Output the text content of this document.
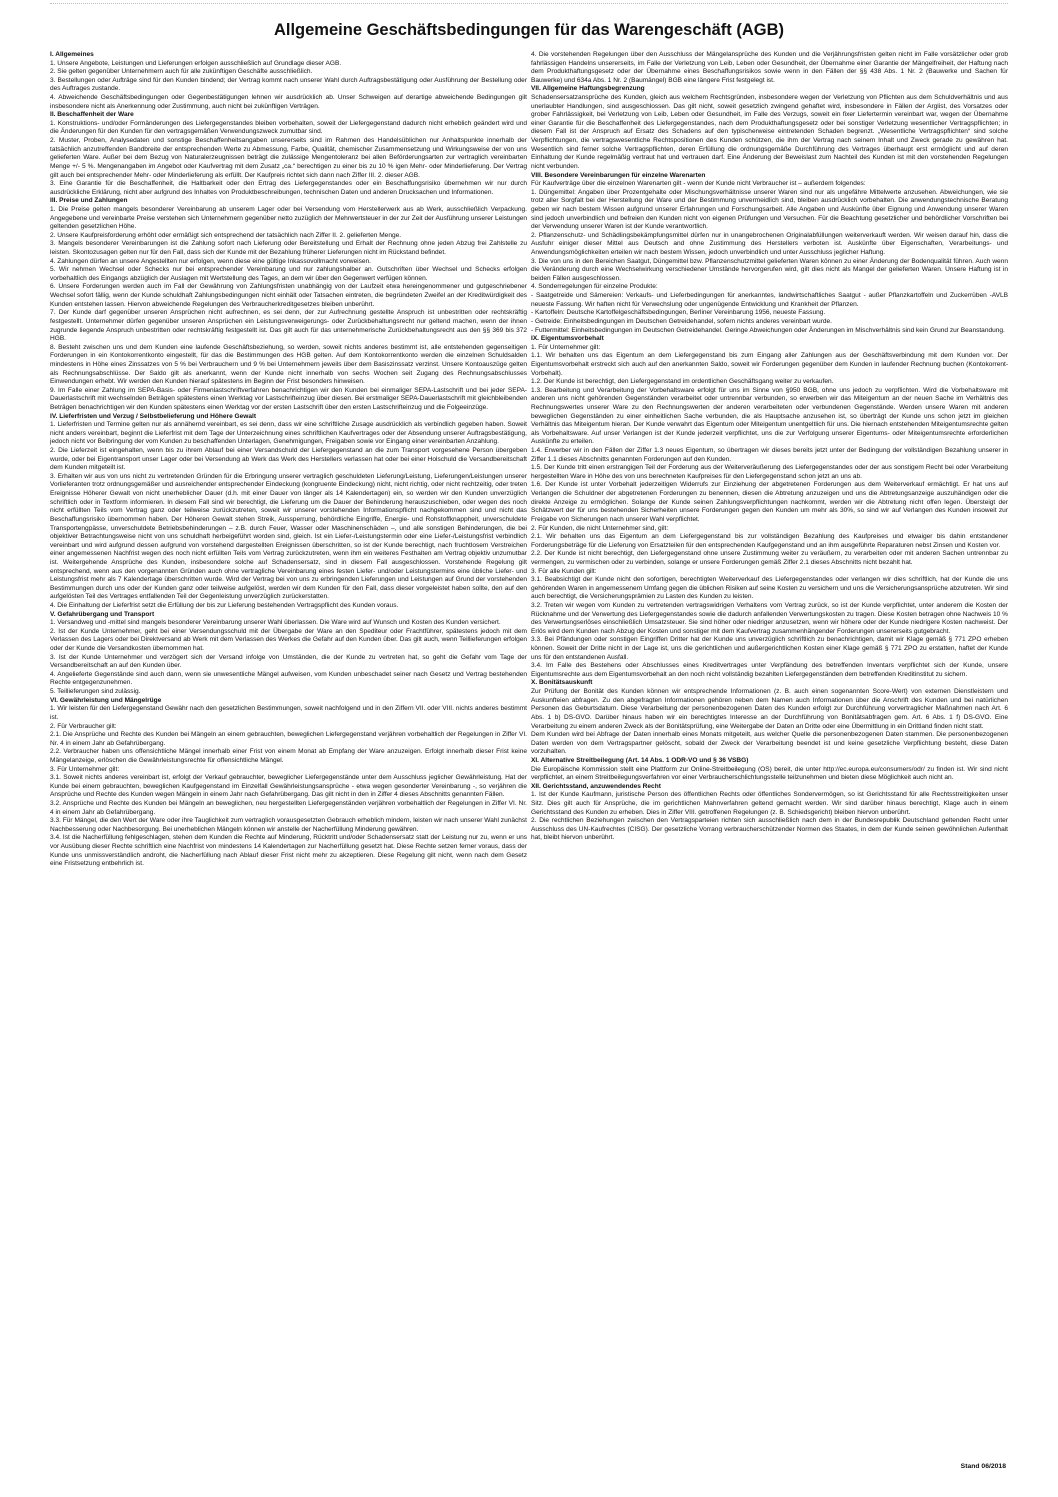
Allgemeine Geschäftsbedingungen für das Warengeschäft (AGB)
I. Allgemeines

1. Unsere Angebote, Leistungen und Lieferungen erfolgen ausschließlich auf Grundlage dieser AGB.

2. Sie gelten gegenüber Unternehmern auch für alle zukünftigen Geschäfte ausschließlich.

3. Bestellungen oder Aufträge sind für den Kunden bindend; der Vertrag kommt nach unserer Wahl durch Auftragsbestätigung oder Ausführung der Bestellung oder des Auftrages zustande.

4. Abweichende Geschäftsbedingungen oder Gegenbestätigungen lehnen wir ausdrücklich ab. Unser Schweigen auf derartige abweichende Bedingungen gilt insbesondere nicht als Anerkennung oder Zustimmung, auch nicht bei zukünftigen Verträgen.

II. Beschaffenheit der Ware

1. Konstruktions- und/oder Formänderungen des Liefergegenstandes bleiben vorbehalten, soweit der Liefergegenstand dadurch nicht erheblich geändert wird und die Änderungen für den Kunden für den vertragsgemäßen Verwendungszweck zumutbar sind.

2. Muster, Proben, Analysedaten und sonstige Beschaffenheitsangaben unsererseits sind im Rahmen des Handelsüblichen nur Anhaltspunkte innerhalb der tatsächlich anzutreffenden Bandbreite der entsprechenden Werte zu Abmessung, Farbe, Qualität, chemischer Zusammensetzung und Wirkungsweise der von uns gelieferten Ware. Außer bei dem Bezug von Naturalerzeugnissen beträgt die zulässige Mengentoleranz bei allen Beförderungsarten zur vertraglich vereinbarten Menge +/- 5 %. Mengenangaben im Angebot oder Kaufvertrag mit dem Zusatz „ca.“ berechtigen zu einer bis zu 10 % igen Mehr- oder Minderlieferung. Der Vertrag gilt auch bei entsprechender Mehr- oder Minderlieferung als erfüllt. Der Kaufpreis richtet sich dann nach Ziffer III. 2. dieser AGB.

3. Eine Garantie für die Beschaffenheit, die Haltbarkeit oder den Ertrag des Liefergegenstandes oder ein Beschaffungsrisiko übernehmen wir nur durch ausdrückliche Erklärung, nicht aber aufgrund des Inhaltes von Produktbeschreibungen, technischen Daten und anderen Drucksachen und Informationen.

III. Preise und Zahlungen

1. Die Preise gelten mangels besonderer Vereinbarung ab unserem Lager oder bei Versendung vom Herstellerwerk aus ab Werk, ausschließlich Verpackung. Angegebene und vereinbarte Preise verstehen sich Unternehmern gegenüber netto zuzüglich der Mehrwertsteuer in der zur Zeit der Ausführung unserer Leistungen geltenden gesetzlichen Höhe.

2. Unsere Kaufpreisforderung erhöht oder ermäßigt sich entsprechend der tatsächlich nach Ziffer II. 2. gelieferten Menge.

3. Mangels besonderer Vereinbarungen ist die Zahlung sofort nach Lieferung oder Bereitstellung und Erhalt der Rechnung ohne jeden Abzug frei Zahlstelle zu leisten. Skontozusagen gelten nur für den Fall, dass sich der Kunde mit der Bezahlung früherer Lieferungen nicht im Rückstand befindet.

4. Zahlungen dürfen an unsere Angestellten nur erfolgen, wenn diese eine gültige Inkassovollmacht vorweisen.

5. Wir nehmen Wechsel oder Schecks nur bei entsprechender Vereinbarung und nur zahlungshalber an. Gutschriften über Wechsel und Schecks erfolgen vorbehaltlich des Eingangs abzüglich der Auslagen mit Wertstellung des Tages, an dem wir über den Gegenwert verfügen können.

6. Unsere Forderungen werden auch im Fall der Gewährung von Zahlungsfristen unabhängig von der Laufzeit etwa hereingenommener und gutgeschriebener Wechsel sofort fällig, wenn der Kunde schuldhaft Zahlungsbedingungen nicht einhält oder Tatsachen eintreten, die begründeten Zweifel an der Kreditwürdigkeit des Kunden entstehen lassen. Hiervon abweichende Regelungen des Verbraucherkreditgesetzes bleiben unberührt.

7. Der Kunde darf gegenüber unseren Ansprüchen nicht aufrechnen, es sei denn, der zur Aufrechnung gestellte Anspruch ist unbestritten oder rechtskräftig festgestellt. Unternehmer dürfen gegenüber unseren Ansprüchen ein Leistungsverweigerungs- oder Zurückbehaltungsrecht nur geltend machen, wenn der ihnen zugrunde liegende Anspruch unbestritten oder rechtskräftig festgestellt ist. Das gilt auch für das unternehmerische Zurückbehaltungsrecht aus den §§ 369 bis 372 HGB.

8. Besteht zwischen uns und dem Kunden eine laufende Geschäftsbeziehung, so werden, soweit nichts anderes bestimmt ist, alle entstehenden gegenseitigen Forderungen in ein Kontokorrentkonto eingestellt, für das die Bestimmungen des HGB gelten. Auf dem Kontokorrentkonto werden die einzelnen Schuldsalden mindestens in Höhe eines Zinssatzes von 5 % bei Verbrauchern und 9 % bei Unternehmern jeweils über dem Basiszinssatz verzinst. Unsere Kontoauszüge gelten als Rechnungsabschlüsse. Der Saldo gilt als anerkannt, wenn der Kunde nicht innerhalb von sechs Wochen seit Zugang des Rechnungsabschlusses Einwendungen erhebt. Wir werden den Kunden hierauf spätestens im Beginn der Frist besonders hinweisen.

9. Im Falle einer Zahlung im SEPA-Basis- oder Firmenlastschriftverfahren benachrichtigen wir den Kunden bei einmaliger SEPA-Lastschrift und bei jeder SEPA-Dauerlastschrift mit wechselnden Beträgen spätestens einen Werktag vor Lastschrifteinzug über diesen. Bei erstmaliger SEPA-Dauerlastschrift mit gleichbleibenden Beträgen benachrichtigen wir den Kunden spätestens einen Werktag vor der ersten Lastschrift über den ersten Lastschrifteinzug und die Folgeeinzüge.

IV. Lieferfristen und Verzug / Selbstbelieferung und Höhere Gewalt

1. Lieferfristen und Termine gelten nur als annähernd vereinbart, es sei denn, dass wir eine schriftliche Zusage ausdrücklich als verbindlich gegeben haben. Soweit nicht anders vereinbart, beginnt die Lieferfrist mit dem Tage der Unterzeichnung eines schriftlichen Kaufvertrages oder der Absendung unserer Auftragsbestätigung, jedoch nicht vor Beibringung der vom Kunden zu beschaffenden Unterlagen, Genehmigungen, Freigaben sowie vor Eingang einer vereinbarten Anzahlung.

2. Die Lieferzeit ist eingehalten, wenn bis zu ihrem Ablauf bei einer Versandschuld der Liefergegenstand an die zum Transport vorgesehene Person übergeben wurde, oder bei Eigentransport unser Lager oder bei Versendung ab Werk das Werk des Herstellers verlassen hat oder bei einer Holschuld die Versandbereitschaft dem Kunden mitgeteilt ist.

3. Erhalten wir aus von uns nicht zu vertretenden Gründen für die Erbringung unserer vertraglich geschuldeten Lieferung/Leistung, Lieferungen/Leistungen unserer Vorlieferanten trotz ordnungsgemäßer und ausreichender entsprechender Eindeckung (kongruente Eindeckung) nicht, nicht richtig, oder nicht rechtzeitig, oder treten Ereignisse Höherer Gewalt von nicht unerheblicher Dauer (d.h. mit einer Dauer von länger als 14 Kalendertagen) ein, so werden wir den Kunden unverzüglich schriftlich oder in Textform informieren. In diesem Fall sind wir berechtigt, die Lieferung um die Dauer der Behinderung herauszuschieben, oder wegen des noch nicht erfüllten Teils vom Vertrag ganz oder teilweise zurückzutreten, soweit wir unserer vorstehenden Informationspflicht nachgekommen sind und nicht das Beschaffungsrisiko übernommen haben. Der Höheren Gewalt stehen Streik, Aussperrung, behördliche Eingriffe, Energie- und Rohstoffknappheit, unverschuldete Transportengpässe, unverschuldete Betriebsbehinderungen – z.B. durch Feuer, Wasser oder Maschinenschäden –, und alle sonstigen Behinderungen, die bei objektiver Betrachtungsweise nicht von uns schuldhaft herbeigeführt worden sind, gleich. Ist ein Liefer-/Leistungstermin oder eine Liefer-/Leistungsfrist verbindlich vereinbart und wird aufgrund dessen aufgrund von vorstehend dargestellten Ereignissen überschritten, so ist der Kunde berechtigt, nach fruchtlosem Verstreichen einer angemessenen Nachfrist wegen des noch nicht erfüllten Teils vom Vertrag zurückzutreten, wenn ihm ein weiteres Festhalten am Vertrag objektiv unzumutbar ist. Weitergehende Ansprüche des Kunden, insbesondere solche auf Schadensersatz, sind in diesem Fall ausgeschlossen. Vorstehende Regelung gilt entsprechend, wenn aus den vorgenannten Gründen auch ohne vertragliche Vereinbarung eines festen Liefer- und/oder Leistungstermins eine übliche Liefer- und Leistungsfrist mehr als 7 Kalendertage überschritten wurde. Wird der Vertrag bei von uns zu erbringenden Lieferungen und Leistungen auf Grund der vorstehenden Bestimmungen durch uns oder der Kunden ganz oder teilweise aufgelöst, werden wir dem Kunden für den Fall, dass dieser vorgeleistet haben sollte, den auf den aufgelösten Teil des Vertrages entfallenden Teil der Gegenleistung unverzüglich zurückerstatten.

4. Die Einhaltung der Lieferfrist setzt die Erfüllung der bis zur Lieferung bestehenden Vertragspflicht des Kunden voraus.

V. Gefahrübergang und Transport

1. Versandweg und -mittel sind mangels besonderer Vereinbarung unserer Wahl überlassen. Die Ware wird auf Wunsch und Kosten des Kunden versichert.

2. Ist der Kunde Unternehmer, geht bei einer Versendungsschuld mit der Übergabe der Ware an den Spediteur oder Frachtführer, spätestens jedoch mit dem Verlassen des Lagers oder bei Direktversand ab Werk mit dem Verlassen des Werkes die Gefahr auf den Kunden über. Das gilt auch, wenn Teillieferungen erfolgen oder der Kunde die Versandkosten übernommen hat.

3. Ist der Kunde Unternehmer und verzögert sich der Versand infolge von Umständen, die der Kunde zu vertreten hat, so geht die Gefahr vom Tage der Versandbereitschaft an auf den Kunden über.

4. Angelieferte Gegenstände sind auch dann, wenn sie unwesentliche Mängel aufweisen, vom Kunden unbeschadet seiner nach Gesetz und Vertrag bestehenden Rechte entgegenzunehmen.

5. Teillieferungen sind zulässig.

VI. Gewährleistung und Mängelrüge

1. Wir leisten für den Liefergegenstand Gewähr nach den gesetzlichen Bestimmungen, soweit nachfolgend und in den Ziffern VII. oder VIII. nichts anderes bestimmt ist.

2. Für Verbraucher gilt:

2.1. Die Ansprüche und Rechte des Kunden bei Mängeln an einem gebrauchten, beweglichen Liefergegenstand verjähren vorbehaltlich der Regelungen in Ziffer VI. Nr. 4 in einem Jahr ab Gefahrübergang.

2.2. Verbraucher haben uns offensichtliche Mängel innerhalb einer Frist von einem Monat ab Empfang der Ware anzuzeigen. Erfolgt innerhalb dieser Frist keine Mängelanzeige, erlöschen die Gewährleistungsrechte für offensichtliche Mängel.

3. Für Unternehmer gilt:

3.1. Soweit nichts anderes vereinbart ist, erfolgt der Verkauf gebrauchter, beweglicher Liefergegenstände unter dem Ausschluss jeglicher Gewährleistung. Hat der Kunde bei einem gebrauchten, beweglichen Kaufgegenstand im Einzelfall Gewährleistungsansprüche - etwa wegen gesonderter Vereinbarung -, so verjähren die Ansprüche und Rechte des Kunden wegen Mängeln in einem Jahr nach Gefahrübergang. Das gilt nicht in den in Ziffer 4 dieses Abschnitts genannten Fällen.

3.2. Ansprüche und Rechte des Kunden bei Mängeln an beweglichen, neu hergestellten Liefergegenständen verjähren vorbehaltlich der Regelungen in Ziffer VI. Nr. 4 in einem Jahr ab Gefahrübergang.

3.3. Für Mängel, die den Wert der Ware oder ihre Tauglichkeit zum vertraglich vorausgesetzten Gebrauch erheblich mindern, leisten wir nach unserer Wahl zunächst Nachbesserung oder Nachbesorgung. Bei unerheblichen Mängeln können wir anstelle der Nacherfüllung Minderung gewähren.

3.4. Ist die Nacherfüllung fehlgeschlagen, stehen dem Kunden die Rechte auf Minderung, Rücktritt und/oder Schadensersatz statt der Leistung nur zu, wenn er uns vor Ausübung dieser Rechte schriftlich eine Nachfrist von mindestens 14 Kalendertagen zur Nacherfüllung gesetzt hat. Diese Rechte setzen ferner voraus, dass der Kunde uns unmissverständlich androht, die Nacherfüllung nach Ablauf dieser Frist nicht mehr zu akzeptieren. Diese Regelung gilt nicht, wenn nach dem Gesetz eine Fristsetzung entbehrlich ist.

4. Die vorstehenden Regelungen über den Ausschluss der Mängelansprüche des Kunden und die Verjährungsfristen gelten nicht im Falle vorsätzlicher oder grob fahrlässigen Handelns unsererseits, im Falle der Verletzung von Leib, Leben oder Gesundheit, der Übernahme einer Garantie der Mängelfreiheit, der Haftung nach dem Produkthaftungsgesetz oder der Übernahme eines Beschaffungsrisikos sowie wenn in den Fällen der §§ 438 Abs. 1 Nr. 2 (Bauwerke und Sachen für Bauwerke) und 634a Abs. 1 Nr. 2 (Baumängel) BGB eine längere Frist festgelegt ist.

VII. Allgemeine Haftungsbegrenzung

Schadensersatzansprüche des Kunden, gleich aus welchem Rechtsgründen, insbesondere wegen der Verletzung von Pflichten aus dem Schuldverhältnis und aus unerlaubter Handlungen, sind ausgeschlossen. Das gilt nicht, soweit gesetzlich zwingend gehaftet wird, insbesondere in Fällen der Arglist, des Vorsatzes oder grober Fahrlässigkeit, bei Verletzung von Leib, Leben oder Gesundheit, im Falle des Verzugs, soweit ein fixer Liefertermin vereinbart war, wegen der Übernahme einer Garantie für die Beschaffenheit des Liefergegenstandes, nach dem Produkthaftungsgesetz oder bei sonstiger Verletzung wesentlicher Vertragspflichten; in diesem Fall ist der Anspruch auf Ersatz des Schadens auf den typischerweise eintretenden Schaden begrenzt. „Wesentliche Vertragspflichten“ sind solche Verpflichtungen, die vertragswesentliche Rechtspositionen des Kunden schützen, die ihm der Vertrag nach seinem Inhalt und Zweck gerade zu gewähren hat. Wesentlich sind ferner solche Vertragspflichten, deren Erfüllung die ordnungsgemäße Durchführung des Vertrages überhaupt erst ermöglicht und auf deren Einhaltung der Kunde regelmäßig vertraut hat und vertrauen darf. Eine Änderung der Beweislast zum Nachteil des Kunden ist mit den vorstehenden Regelungen nicht verbunden.

VIII. Besondere Vereinbarungen für einzelne Warenarten

Für Kaufverträge über die einzelnen Warenarten gilt - wenn der Kunde nicht Verbraucher ist – außerdem folgendes:

1. Düngemittel: Angaben über Prozentgehalte oder Mischungsverhältnisse unserer Waren sind nur als ungefähre Mittelwerte anzusehen. Abweichungen, wie sie trotz aller Sorgfalt bei der Herstellung der Ware und der Bestimmung unvermeidlich sind, bleiben ausdrücklich vorbehalten. Die anwendungstechnische Beratung geben wir nach bestem Wissen aufgrund unserer Erfahrungen und Forschungsarbeit. Alle Angaben und Auskünfte über Eignung und Anwendung unserer Waren sind jedoch unverbindlich und befreien den Kunden nicht von eigenen Prüfungen und Versuchen. Für die Beachtung gesetzlicher und behördlicher Vorschriften bei der Verwendung unserer Waren ist der Kunde verantwortlich.

2. Pflanzenschutz- und Schädlingsbekämpfungsmittel dürfen nur in unangebrochenen Originalabfüllungen weiterverkauft werden. Wir weisen darauf hin, dass die Ausfuhr einiger dieser Mittel aus Deutsch and ohne Zustimmung des Herstellers verboten ist. Auskünfte über Eigenschaften, Verarbeitungs- und Anwendungsmöglichkeiten erteilen wir nach bestem Wissen, jedoch unverbindlich und unter Ausschluss jeglicher Haftung.

3. Die von uns in den Bereichen Saatgut, Düngemittel bzw. Pflanzenschutzmittel gelieferten Waren können zu einer Änderung der Bodenqualität führen. Auch wenn die Veränderung durch eine Wechselwirkung verschiedener Umstände hervorgerufen wird, gilt dies nicht als Mangel der gelieferten Waren. Unsere Haftung ist in beiden Fällen ausgeschlossen.

4. Sonderregelungen für einzelne Produkte:

- Saatgetreide und Sämereien: Verkaufs- und Lieferbedingungen für anerkanntes, landwirtschaftliches Saatgut - außer Pflanzkartoffeln und Zuckerrüben -AVLB neueste Fassung. Wir haften nicht für Verwechslung oder ungenügende Entwicklung und Krankheit der Pflanzen.

- Kartoffeln: Deutsche Kartoffelgeschäftsbedingungen, Berliner Vereinbarung 1956, neueste Fassung.

- Getreide: Einheitsbedingungen im Deutschen Getreidehandel, sofern nichts anderes vereinbart wurde.

- Futtermittel: Einheitsbedingungen im Deutschen Getreidehandel. Geringe Abweichungen oder Änderungen im Mischverhältnis sind kein Grund zur Beanstandung.

IX. Eigentumsvorbehalt

1. Für Unternehmer gilt:

1.1. Wir behalten uns das Eigentum an dem Liefergegenstand bis zum Eingang aller Zahlungen aus der Geschäftsverbindung mit dem Kunden vor. Der Eigentumsvorbehalt erstreckt sich auch auf den anerkannten Saldo, soweit wir Forderungen gegenüber dem Kunden in laufender Rechnung buchen (Kontokorrent-Vorbehalt).

1.2. Der Kunde ist berechtigt, den Liefergegenstand im ordentlichen Geschäftsgang weiter zu verkaufen.

1.3. Bearbeitung und Verarbeitung der Vorbehaltsware erfolgt für uns im Sinne von §950 BGB, ohne uns jedoch zu verpflichten. Wird die Vorbehaltsware mit anderen uns nicht gehörenden Gegenständen verarbeitet oder untrennbar verbunden, so erwerben wir das Miteigentum an der neuen Sache im Verhältnis des Rechnungswertes unserer Ware zu den Rechnungswerten der anderen verarbeiteten oder verbundenen Gegenstände. Werden unsere Waren mit anderen beweglichen Gegenständen zu einer einheitlichen Sache verbunden, die als Hauptsache anzusehen ist, so überträgt der Kunde uns schon jetzt im gleichen Verhältnis das Miteigentum hieran. Der Kunde verwahrt das Eigentum oder Miteigentum unentgeltlich für uns. Die hiernach entstehenden Miteigentumsrechte gelten als Vorbehaltsware. Auf unser Verlangen ist der Kunde jederzeit verpflichtet, uns die zur Verfolgung unserer Eigentums- oder Miteigentumsrechte erforderlichen Auskünfte zu erteilen.

1.4. Erwerber wir in den Fällen der Ziffer 1.3 neues Eigentum, so übertragen wir dieses bereits jetzt unter der Bedingung der vollständigen Bezahlung unserer in Ziffer 1.1 dieses Abschnitts genannten Forderungen auf den Kunden.

1.5. Der Kunde tritt einen erstrangigen Teil der Forderung aus der Weiterveräußerung des Liefergegenstandes oder der aus sonstigem Recht bei oder Verarbeitung hergestellten Ware in Höhe des von uns berechneten Kaufpreises für den Liefergegenstand schon jetzt an uns ab.

1.6. Der Kunde ist unter Vorbehalt jederzeitigen Widerrufs zur Einziehung der abgetretenen Forderungen aus dem Weiterverkauf ermächtigt. Er hat uns auf Verlangen die Schuldner der abgetretenen Forderungen zu benennen, diesen die Abtretung anzuzeigen und uns die Abtretungsanzeige auszuhändigen oder die direkte Anzeige zu ermöglichen. Solange der Kunde seinen Zahlungsverpflichtungen nachkommt, werden wir die Abtretung nicht offen legen. Übersteigt der Schätzwert der für uns bestehenden Sicherheiten unsere Forderungen gegen den Kunden um mehr als 30%, so sind wir auf Verlangen des Kunden insoweit zur Freigabe von Sicherungen nach unserer Wahl verpflichtet.

2. Für Kunden, die nicht Unternehmer sind, gilt:

2.1. Wir behalten uns das Eigentum an dem Liefergegenstand bis zur vollständigen Bezahlung des Kaufpreises und etwaiger bis dahin entstandener Forderungsbeträge für die Lieferung von Ersatzteilen für den entsprechenden Kaufgegenstand und an ihm ausgeführte Reparaturen nebst Zinsen und Kosten vor.

2.2. Der Kunde ist nicht berechtigt, den Liefergegenstand ohne unsere Zustimmung weiter zu veräußern, zu verarbeiten oder mit anderen Sachen untrennbar zu vermengen, zu vermischen oder zu verbinden, solange er unsere Forderungen gemäß Ziffer 2.1 dieses Abschnitts nicht bezahlt hat.

3. Für alle Kunden gilt:

3.1. Beabsichtigt der Kunde nicht den sofortigen, berechtigten Weiterverkauf des Liefergegenstandes oder verlangen wir dies schriftlich, hat der Kunde die uns gehörenden Waren in angemessenem Umfang gegen die üblichen Risiken auf seine Kosten zu versichern und uns die Versicherungsansprüche abzutreten. Wir sind auch berechtigt, die Versicherungsprämien zu Lasten des Kunden zu leisten.

3.2. Treten wir wegen vom Kunden zu vertretenden vertragswidrigen Verhaltens vom Vertrag zurück, so ist der Kunde verpflichtet, unter anderem die Kosten der Rücknahme und der Verwertung des Liefergegenstandes sowie die dadurch anfallenden Verwertungskosten zu tragen. Diese Kosten betragen ohne Nachweis 10 % des Verwertungserlöses einschließlich Umsatzsteuer. Sie sind höher oder niedriger anzusetzen, wenn wir höhere oder der Kunde niedrigere Kosten nachweist. Der Erlös wird dem Kunden nach Abzug der Kosten und sonstiger mit dem Kaufvertrag zusammenhängender Forderungen unsererseits gutgebracht.

3.3. Bei Pfändungen oder sonstigen Eingriffen Dritter hat der Kunde uns unverzüglich schriftlich zu benachrichtigen, damit wir Klage gemäß § 771 ZPO erheben können. Soweit der Dritte nicht in der Lage ist, uns die gerichtlichen und außergerichtlichen Kosten einer Klage gemäß § 771 ZPO zu erstatten, haftet der Kunde uns für den entstandenen Ausfall.

3.4. Im Falle des Bestehens oder Abschlusses eines Kreditvertrages unter Verpfändung des betreffenden Inventars verpflichtet sich der Kunde, unsere Eigentumsrechte aus dem Eigentumsvorbehalt an den noch nicht vollständig bezahlten Liefergegenständen dem betreffenden Kreditinstitut zu sichern.

X. Bonitätsauskunft

Zur Prüfung der Bonität des Kunden können wir entsprechende Informationen (z. B. auch einen sogenannten Score-Wert) von externen Dienstleistern und Auskunfteien abfragen. Zu den abgefragten Informationen gehören neben dem Namen auch Informationen über die Anschrift des Kunden und bei natürlichen Personen das Geburtsdatum. Diese Verarbeitung der personenbezogenen Daten des Kunden erfolgt zur Durchführung vorvertraglicher Maßnahmen nach Art. 6 Abs. 1 b) DS-GVO. Darüber hinaus haben wir ein berechtigtes Interesse an der Durchführung von Bonitätsabfragen gem. Art. 6 Abs. 1 f) DS-GVO. Eine Verarbeitung zu einem anderen Zweck als der Bonitätsprüfung, eine Weitergabe der Daten an Dritte oder eine Übermittlung in ein Drittland finden nicht statt.

Dem Kunden wird bei Abfrage der Daten innerhalb eines Monats mitgeteilt, aus welcher Quelle die personenbezogenen Daten stammen. Die personenbezogenen Daten werden von dem Vertragspartner gelöscht, sobald der Zweck der Verarbeitung beendet ist und keine gesetzliche Verpflichtung besteht, diese Daten vorzuhalten.

XI. Alternative Streitbeilegung (Art. 14 Abs. 1 ODR-VO und § 36 VSBG)

Die Europäische Kommission stellt eine Plattform zur Online-Streitbeilegung (OS) bereit, die unter http://ec.europa.eu/consumers/odr/ zu finden ist. Wir sind nicht verpflichtet, an einem Streitbeilegungsverfahren vor einer Verbraucherschlichtungsstelle teilzunehmen und bieten diese Möglichkeit auch nicht an.

XII. Gerichtsstand, anzuwendendes Recht

1. Ist der Kunde Kaufmann, juristische Person des öffentlichen Rechts oder öffentliches Sondervermögen, so ist Gerichtsstand für alle Rechtsstreitigkeiten unser Sitz. Dies gilt auch für Ansprüche, die im gerichtlichen Mahnverfahren geltend gemacht werden. Wir sind darüber hinaus berechtigt, Klage auch in einem Gerichtsstand des Kunden zu erheben. Dies in Ziffer VIII. getroffenen Regelungen (z. B. Schiedsgericht) bleiben hiervon unberührt.

2. Die rechtlichen Beziehungen zwischen den Vertragsparteien richten sich ausschließlich nach dem in der Bundesrepublik Deutschland geltenden Recht unter Ausschluss des UN-Kaufrechtes (CISG). Der gesetzliche Vorrang verbraucherschützender Normen des Staates, in dem der Kunde seinen gewöhnlichen Aufenthalt hat, bleibt hiervon unberührt.

Stand 06/2018
